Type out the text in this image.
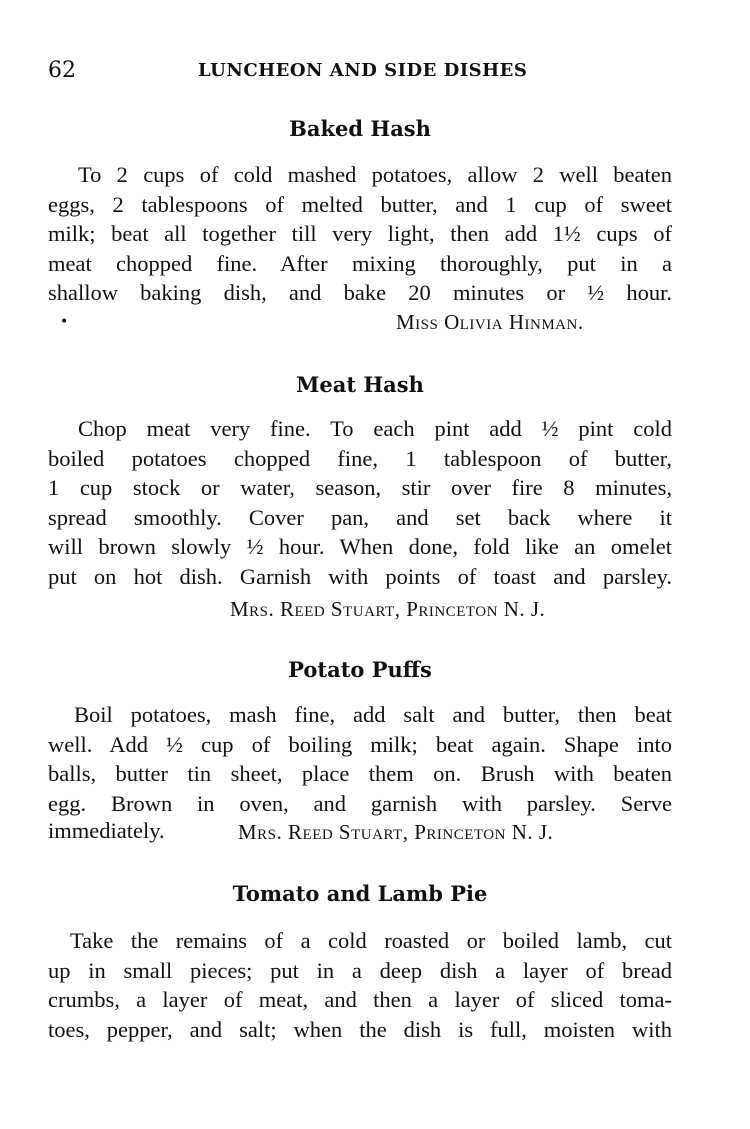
62	LUNCHEON AND SIDE DISHES
Baked Hash
To 2 cups of cold mashed potatoes, allow 2 well beaten
eggs, 2 tablespoons of melted butter, and 1 cup of sweet
milk; beat all together till very light, then add 1½ cups of
meat chopped fine. After mixing thoroughly, put in a
shallow baking dish, and bake 20 minutes or ½ hour.
•	Miss Olivia Hinman.
Meat Hash
Chop meat very fine. To each pint add ½ pint cold
boiled potatoes chopped fine, 1 tablespoon of butter,
1 cup stock or water, season, stir over fire 8 minutes,
spread smoothly. Cover pan, and set back where it
will brown slowly ½ hour. When done, fold like an omelet
put on hot dish. Garnish with points of toast and parsley.
Mrs. Reed Stuart, Princeton N. J.
Potato Puffs
Boil potatoes, mash fine, add salt and butter, then beat
well. Add ½ cup of boiling milk; beat again. Shape into
balls, butter tin sheet, place them on. Brush with beaten
egg. Brown in oven, and garnish with parsley. Serve
immediately.	Mrs. Reed Stuart, Princeton N. J.
Tomato and Lamb Pie
Take the remains of a cold roasted or boiled lamb, cut
up in small pieces; put in a deep dish a layer of bread
crumbs, a layer of meat, and then a layer of sliced toma-
toes, pepper, and salt; when the dish is full, moisten with
